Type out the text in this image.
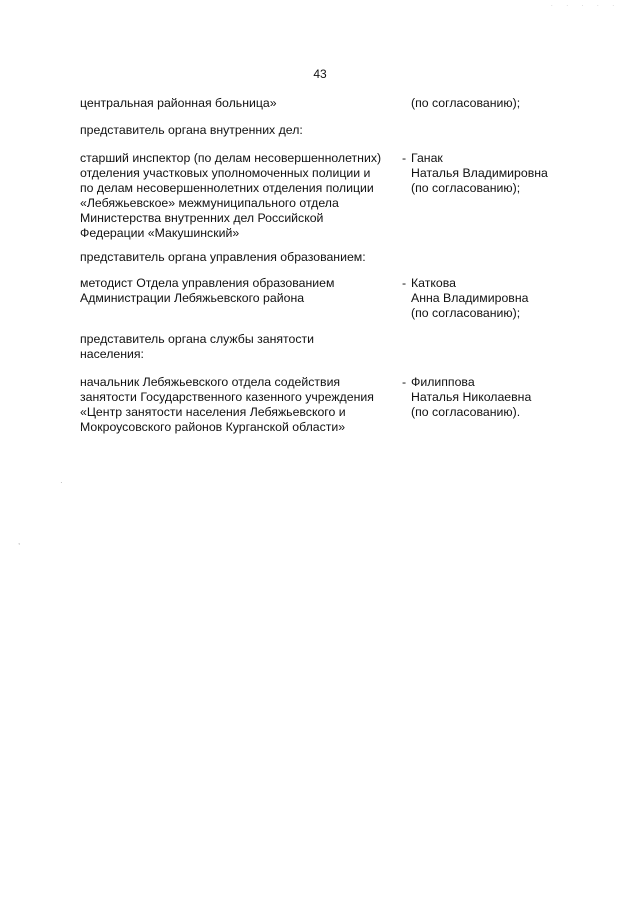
. . . . .
·
,
43
центральная районная больница»	(по согласованию);
представитель органа внутренних дел:
старший инспектор (по делам несовершеннолетних)
отделения участковых уполномоченных полиции и
по делам несовершеннолетних отделения полиции
«Лебяжьевское» межмуниципального отдела
Министерства внутренних дел Российской
Федерации «Макушинский»
- Ганак
Наталья Владимировна
(по согласованию);
представитель органа управления образованием:
методист Отдела управления образованием
Администрации Лебяжьевского района
- Каткова
Анна Владимировна
(по согласованию);
представитель органа службы занятости
населения:
начальник Лебяжьевского отдела содействия
занятости Государственного казенного учреждения
«Центр занятости населения Лебяжьевского и
Мокроусовского районов Курганской области»
- Филиппова
Наталья Николаевна
(по согласованию).
